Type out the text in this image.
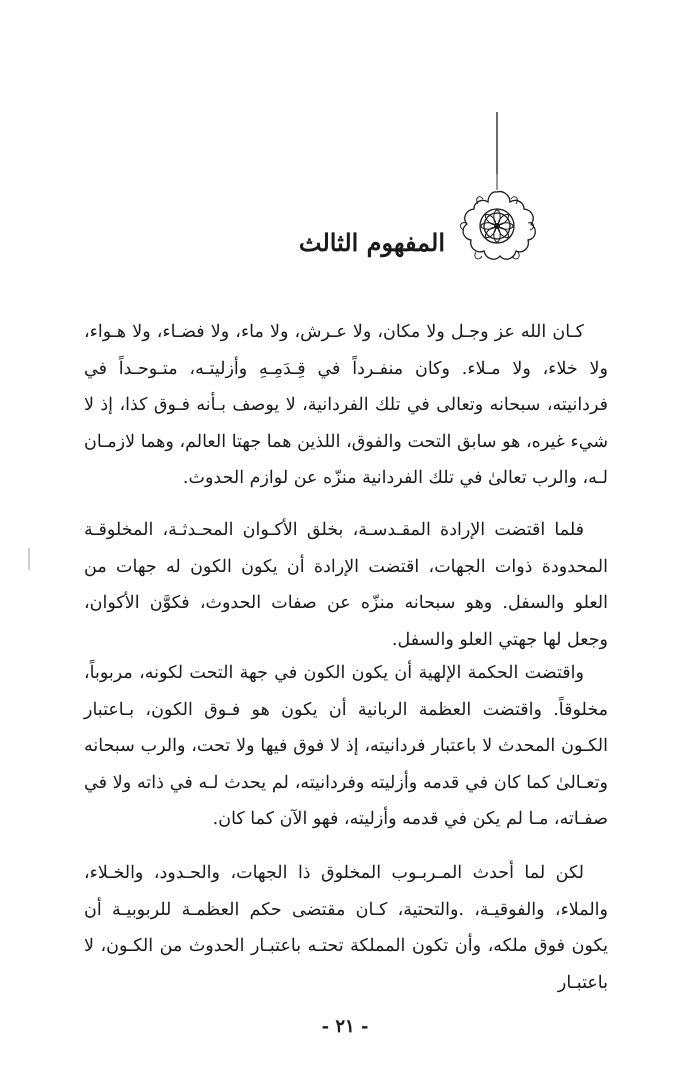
المفهوم الثالث

كـان الله عز وجـل ولا مكان، ولا عـرش، ولا ماء، ولا فضـاء، ولا هـواء، ولا خلاء، ولا مـلاء. وكان منفـرداً في قِـدَمِـهِ وأزليتـه، متـوحـداً في فردانيته، سبحانه وتعالى في تلك الفردانية، لا يوصف بـأنه فـوق كذا، إذ لا شيء غيره، هو سابق التحت والفوق، اللذين هما جهتا العالم، وهما لازمـان لـه، والرب تعالىٰ في تلك الفردانية منزّه عن لوازم الحدوث.

فلما اقتضت الإرادة المقـدسـة، بخلق الأكـوان المحـدثـة، المخلوقـة المحدودة ذوات الجهات، اقتضت الإرادة أن يكون الكون له جهات من العلو والسفل. وهو سبحانه منزّه عن صفات الحدوث، فكوَّن الأكوان، وجعل لها جهتي العلو والسفل.

واقتضت الحكمة الإلهية أن يكون الكون في جهة التحت لكونه، مربوباً، مخلوقاً. واقتضت العظمة الربانية أن يكون هو فـوق الكون، بـاعتبار الكـون المحدث لا باعتبار فردانيته، إذ لا فوق فيها ولا تحت، والرب سبحانه وتعـالىٰ كما كان في قدمه وأزليته وفردانيته، لم يحدث لـه في ذاته ولا في صفـاته، مـا لم يكن في قدمه وأزليته، فهو الآن كما كان.

لكن لما أحدث المـربـوب المخلوق ذا الجهات، والحـدود، والخـلاء، والملاء، والفوقيـة، .والتحتية، كـان مقتضى حكم العظمـة للربوبيـة أن يكون فوق ملكه، وأن تكون المملكة تحتـه باعتبـار الحدوث من الكـون، لا باعتبـار

- ٢١ -
